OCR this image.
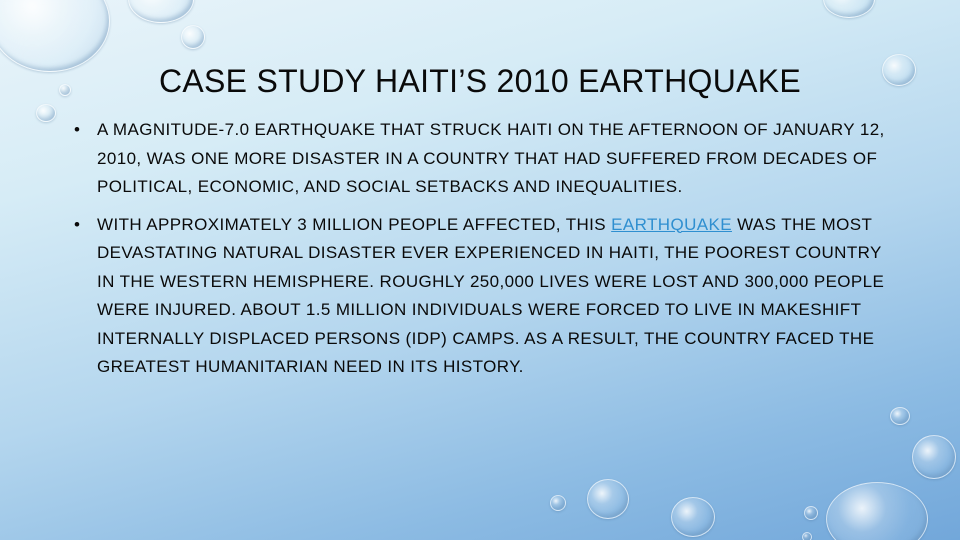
CASE STUDY HAITI’S 2010 EARTHQUAKE
• A MAGNITUDE-7.0 EARTHQUAKE THAT STRUCK HAITI ON THE AFTERNOON OF JANUARY 12, 2010, WAS ONE MORE DISASTER IN A COUNTRY THAT HAD SUFFERED FROM DECADES OF POLITICAL, ECONOMIC, AND SOCIAL SETBACKS AND INEQUALITIES.
• WITH APPROXIMATELY 3 MILLION PEOPLE AFFECTED, THIS EARTHQUAKE WAS THE MOST DEVASTATING NATURAL DISASTER EVER EXPERIENCED IN HAITI, THE POOREST COUNTRY IN THE WESTERN HEMISPHERE. ROUGHLY 250,000 LIVES WERE LOST AND 300,000 PEOPLE WERE INJURED. ABOUT 1.5 MILLION INDIVIDUALS WERE FORCED TO LIVE IN MAKESHIFT INTERNALLY DISPLACED PERSONS (IDP) CAMPS. AS A RESULT, THE COUNTRY FACED THE GREATEST HUMANITARIAN NEED IN ITS HISTORY.
